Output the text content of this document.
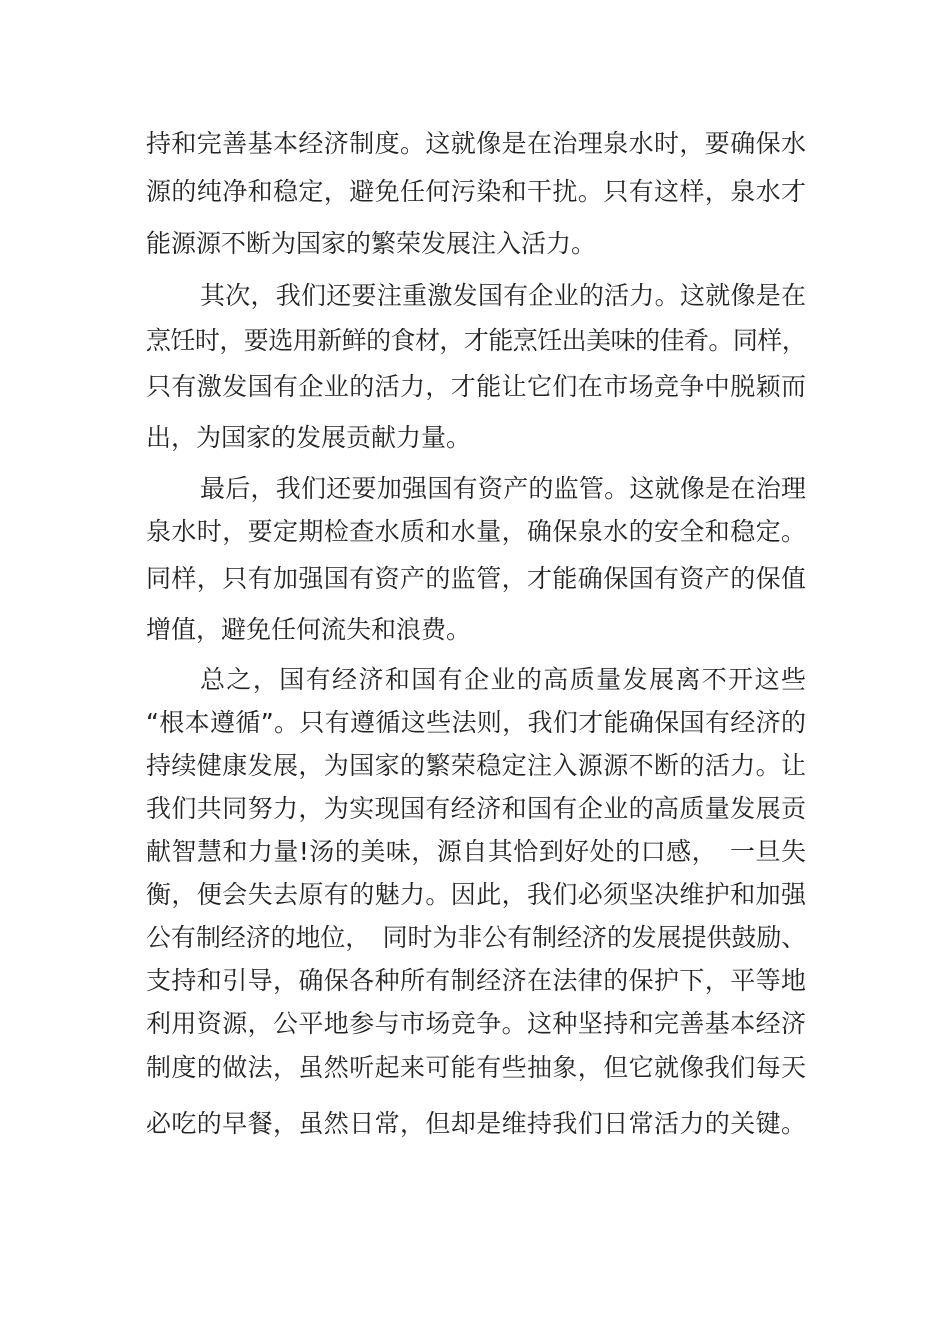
持和完善基本经济制度。这就像是在治理泉水时，要确保水
源的纯净和稳定，避免任何污染和干扰。只有这样，泉水才
能源源不断为国家的繁荣发展注入活力。
其次，我们还要注重激发国有企业的活力。这就像是在
烹饪时，要选用新鲜的食材，才能烹饪出美味的佳肴。同样，
只有激发国有企业的活力，才能让它们在市场竞争中脱颖而
出，为国家的发展贡献力量。
最后，我们还要加强国有资产的监管。这就像是在治理
泉水时，要定期检查水质和水量，确保泉水的安全和稳定。
同样，只有加强国有资产的监管，才能确保国有资产的保值
增值，避免任何流失和浪费。
总之，国有经济和国有企业的高质量发展离不开这些
“根本遵循”。只有遵循这些法则，我们才能确保国有经济的
持续健康发展，为国家的繁荣稳定注入源源不断的活力。让
我们共同努力，为实现国有经济和国有企业的高质量发展贡
献智慧和力量!汤的美味，源自其恰到好处的口感，　一旦失
衡，便会失去原有的魅力。因此，我们必须坚决维护和加强
公有制经济的地位，　同时为非公有制经济的发展提供鼓励、
支持和引导，确保各种所有制经济在法律的保护下，平等地
利用资源，公平地参与市场竞争。这种坚持和完善基本经济
制度的做法，虽然听起来可能有些抽象，但它就像我们每天
必吃的早餐，虽然日常，但却是维持我们日常活力的关键。
